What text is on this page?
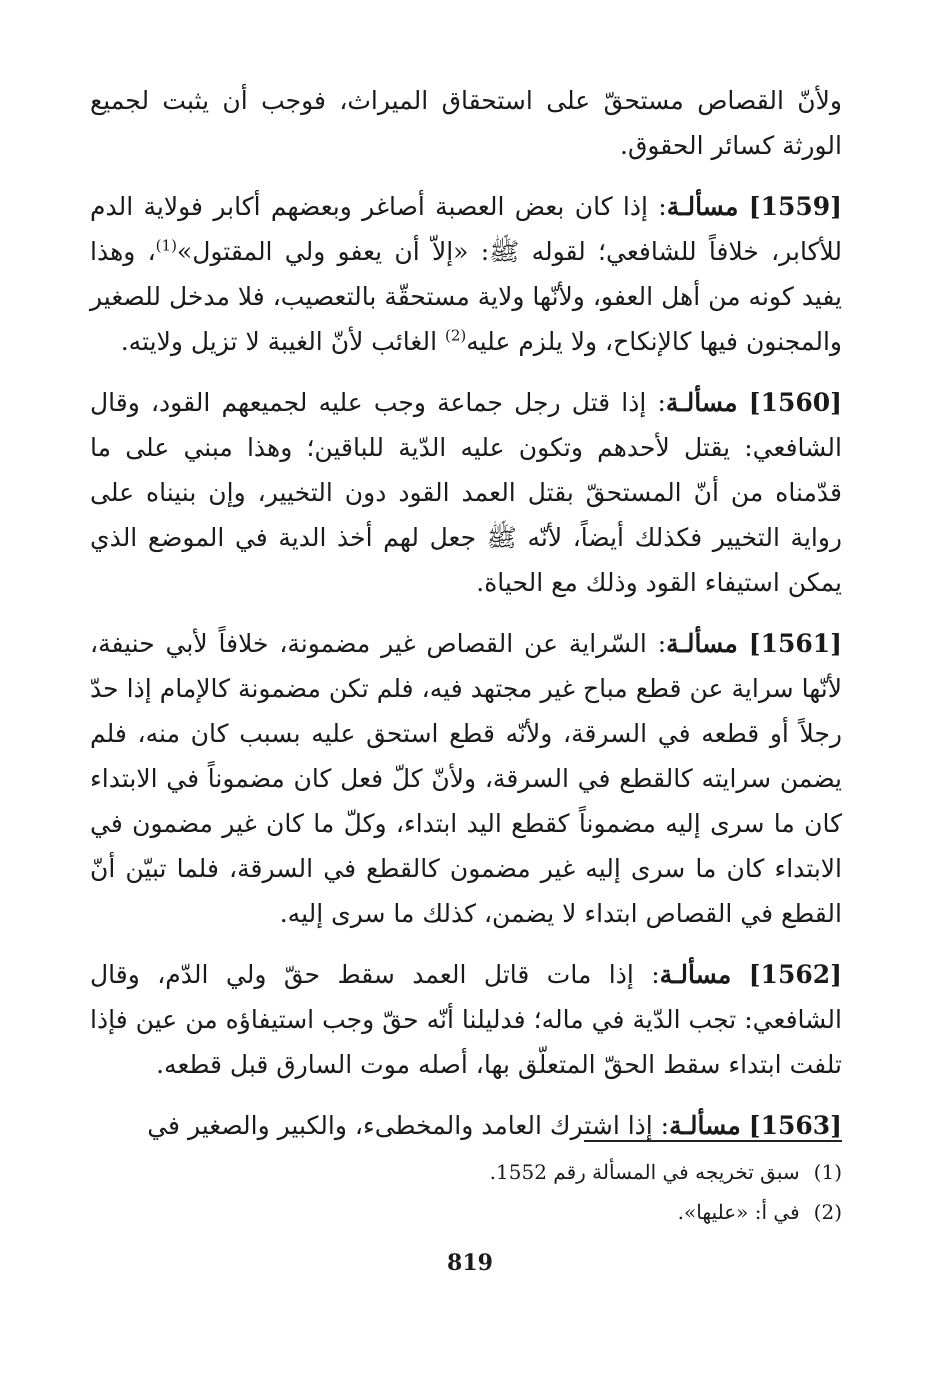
ولأنّ القصاص مستحقّ على استحقاق الميراث، فوجب أن يثبت لجميع الورثة كسائر الحقوق.

[1559] مسألـة: إذا كان بعض العصبة أصاغر وبعضهم أكابر فولاية الدم للأكابر، خلافاً للشافعي؛ لقوله ﷺ: «إلاّ أن يعفو ولي المقتول»$^{(1)}$، وهذا يفيد كونه من أهل العفو، ولأنّها ولاية مستحقّة بالتعصيب، فلا مدخل للصغير والمجنون فيها كالإنكاح، ولا يلزم عليه$^{(2)}$ الغائب لأنّ الغيبة لا تزيل ولايته.

[1560] مسألـة: إذا قتل رجل جماعة وجب عليه لجميعهم القود، وقال الشافعي: يقتل لأحدهم وتكون عليه الدّية للباقين؛ وهذا مبني على ما قدّمناه من أنّ المستحقّ بقتل العمد القود دون التخيير، وإن بنيناه على رواية التخيير فكذلك أيضاً، لأنّه ﷺ جعل لهم أخذ الدية في الموضع الذي يمكن استيفاء القود وذلك مع الحياة.

[1561] مسألـة: السّراية عن القصاص غير مضمونة، خلافاً لأبي حنيفة، لأنّها سراية عن قطع مباح غير مجتهد فيه، فلم تكن مضمونة كالإمام إذا حدّ رجلاً أو قطعه في السرقة، ولأنّه قطع استحق عليه بسبب كان منه، فلم يضمن سرايته كالقطع في السرقة، ولأنّ كلّ فعل كان مضموناً في الابتداء كان ما سرى إليه مضموناً كقطع اليد ابتداء، وكلّ ما كان غير مضمون في الابتداء كان ما سرى إليه غير مضمون كالقطع في السرقة، فلما تبيّن أنّ القطع في القصاص ابتداء لا يضمن، كذلك ما سرى إليه.

[1562] مسألـة: إذا مات قاتل العمد سقط حقّ ولي الدّم، وقال الشافعي: تجب الدّية في ماله؛ فدليلنا أنّه حقّ وجب استيفاؤه من عين فإذا تلفت ابتداء سقط الحقّ المتعلّق بها، أصله موت السارق قبل قطعه.

[1563] مسألـة: إذا اشترك العامد والمخطىء، والكبير والصغير في

(1)سبق تخريجه في المسألة رقم 1552.
(2)في أ: «عليها».
819
